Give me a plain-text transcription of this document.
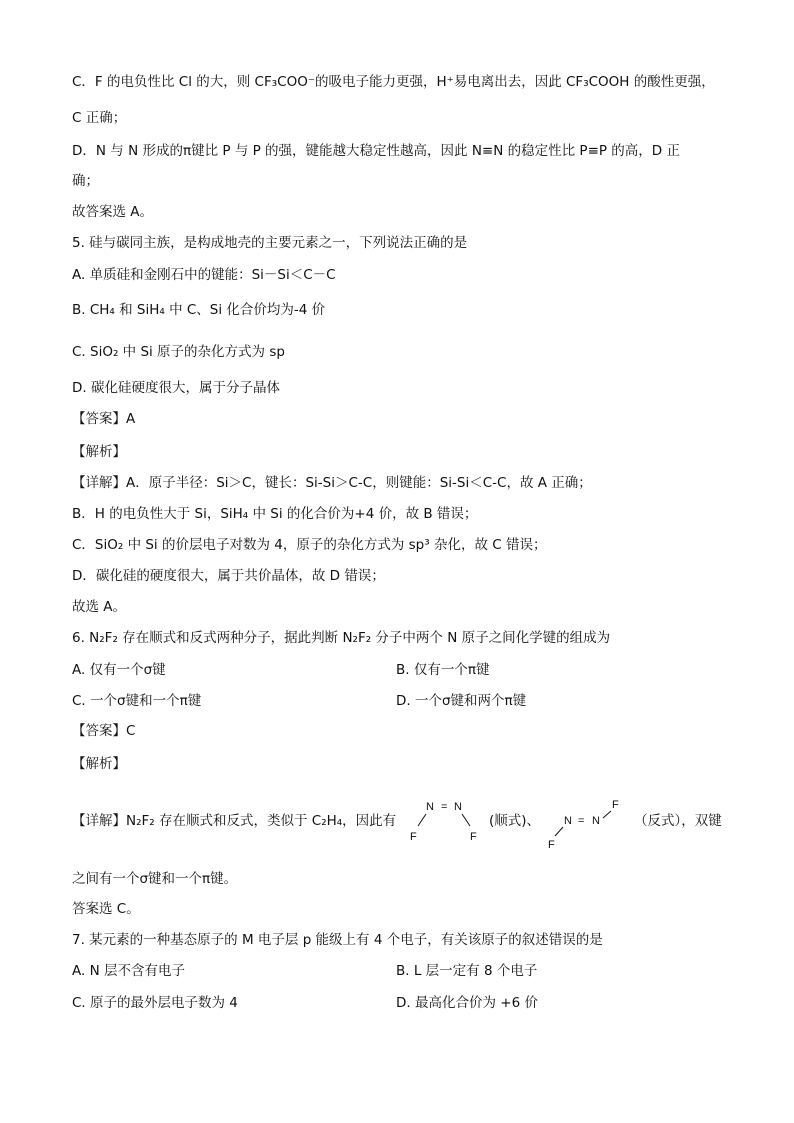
C．F 的电负性比 Cl 的大，则 CF₃COO⁻的吸电子能力更强，H⁺易电离出去，因此 CF₃COOH 的酸性更强，
C 正确；
D．N 与 N 形成的π键比 P 与 P 的强，键能越大稳定性越高，因此 N≡N 的稳定性比 P≡P 的高，D 正
确；
故答案选 A。
5. 硅与碳同主族，是构成地壳的主要元素之一，下列说法正确的是
A. 单质硅和金刚石中的键能：Si－Si＜C－C
B. CH₄ 和 SiH₄ 中 C、Si 化合价均为-4 价
C. SiO₂ 中 Si 原子的杂化方式为 sp
D. 碳化硅硬度很大，属于分子晶体
【答案】A
【解析】
【详解】A．原子半径：Si＞C，键长：Si-Si＞C-C，则键能：Si-Si＜C-C，故 A 正确；
B．H 的电负性大于 Si，SiH₄ 中 Si 的化合价为+4 价，故 B 错误；
C．SiO₂ 中 Si 的价层电子对数为 4，原子的杂化方式为 sp³ 杂化，故 C 错误；
D．碳化硅的硬度很大，属于共价晶体，故 D 错误；
故选 A。
6. N₂F₂ 存在顺式和反式两种分子，据此判断 N₂F₂ 分子中两个 N 原子之间化学键的组成为
A. 仅有一个σ键	B. 仅有一个π键
C. 一个σ键和一个π键	D. 一个σ键和两个π键
【答案】C
【解析】
【详解】N₂F₂ 存在顺式和反式，类似于 C₂H₄，因此有
N = N
F	F
(顺式)、
F
N = N
F
（反式），双键
之间有一个σ键和一个π键。
答案选 C。
7. 某元素的一种基态原子的 M 电子层 p 能级上有 4 个电子，有关该原子的叙述错误的是
A. N 层不含有电子	B. L 层一定有 8 个电子
C. 原子的最外层电子数为 4	D. 最高化合价为 +6 价
